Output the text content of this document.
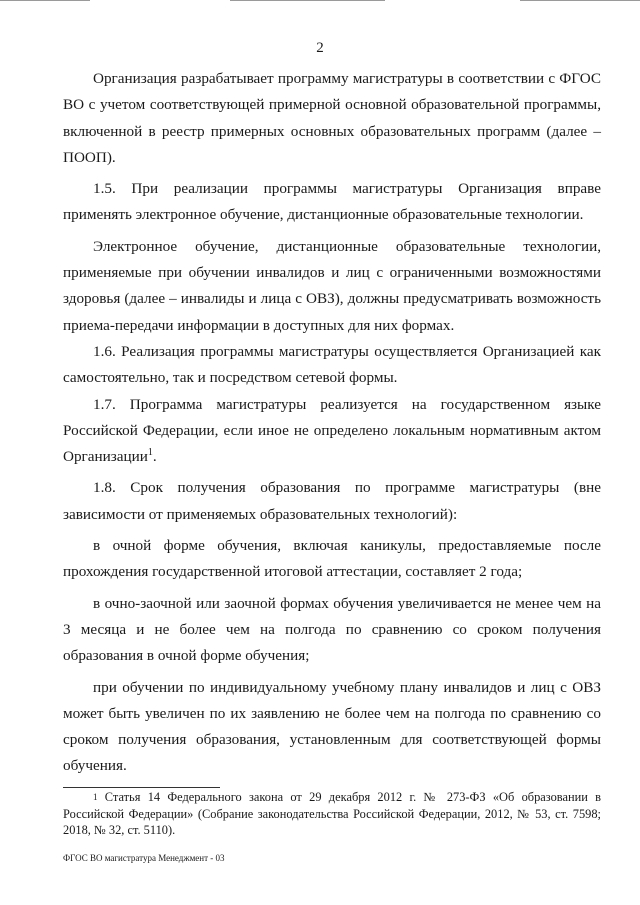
2

Организация разрабатывает программу магистратуры в соответствии с ФГОС ВО с учетом соответствующей примерной основной образовательной программы, включенной в реестр примерных основных образовательных программ (далее – ПООП).

1.5. При реализации программы магистратуры Организация вправе применять электронное обучение, дистанционные образовательные технологии.

Электронное обучение, дистанционные образовательные технологии, применяемые при обучении инвалидов и лиц с ограниченными возможностями здоровья (далее – инвалиды и лица с ОВЗ), должны предусматривать возможность приема-передачи информации в доступных для них формах.

1.6. Реализация программы магистратуры осуществляется Организацией как самостоятельно, так и посредством сетевой формы.

1.7. Программа магистратуры реализуется на государственном языке Российской Федерации, если иное не определено локальным нормативным актом Организации$^1$.

1.8. Срок получения образования по программе магистратуры (вне зависимости от применяемых образовательных технологий):

в очной форме обучения, включая каникулы, предоставляемые после прохождения государственной итоговой аттестации, составляет 2 года;

в очно-заочной или заочной формах обучения увеличивается не менее чем на 3 месяца и не более чем на полгода по сравнению со сроком получения образования в очной форме обучения;

при обучении по индивидуальному учебному плану инвалидов и лиц с ОВЗ может быть увеличен по их заявлению не более чем на полгода по сравнению со сроком получения образования, установленным для соответствующей формы обучения.

$^1$ Статья 14 Федерального закона от 29 декабря 2012 г. № 273-ФЗ «Об образовании в Российской Федерации» (Собрание законодательства Российской Федерации, 2012, № 53, ст. 7598; 2018, № 32, ст. 5110).
ФГОС ВО магистратура Менеджмент - 03
